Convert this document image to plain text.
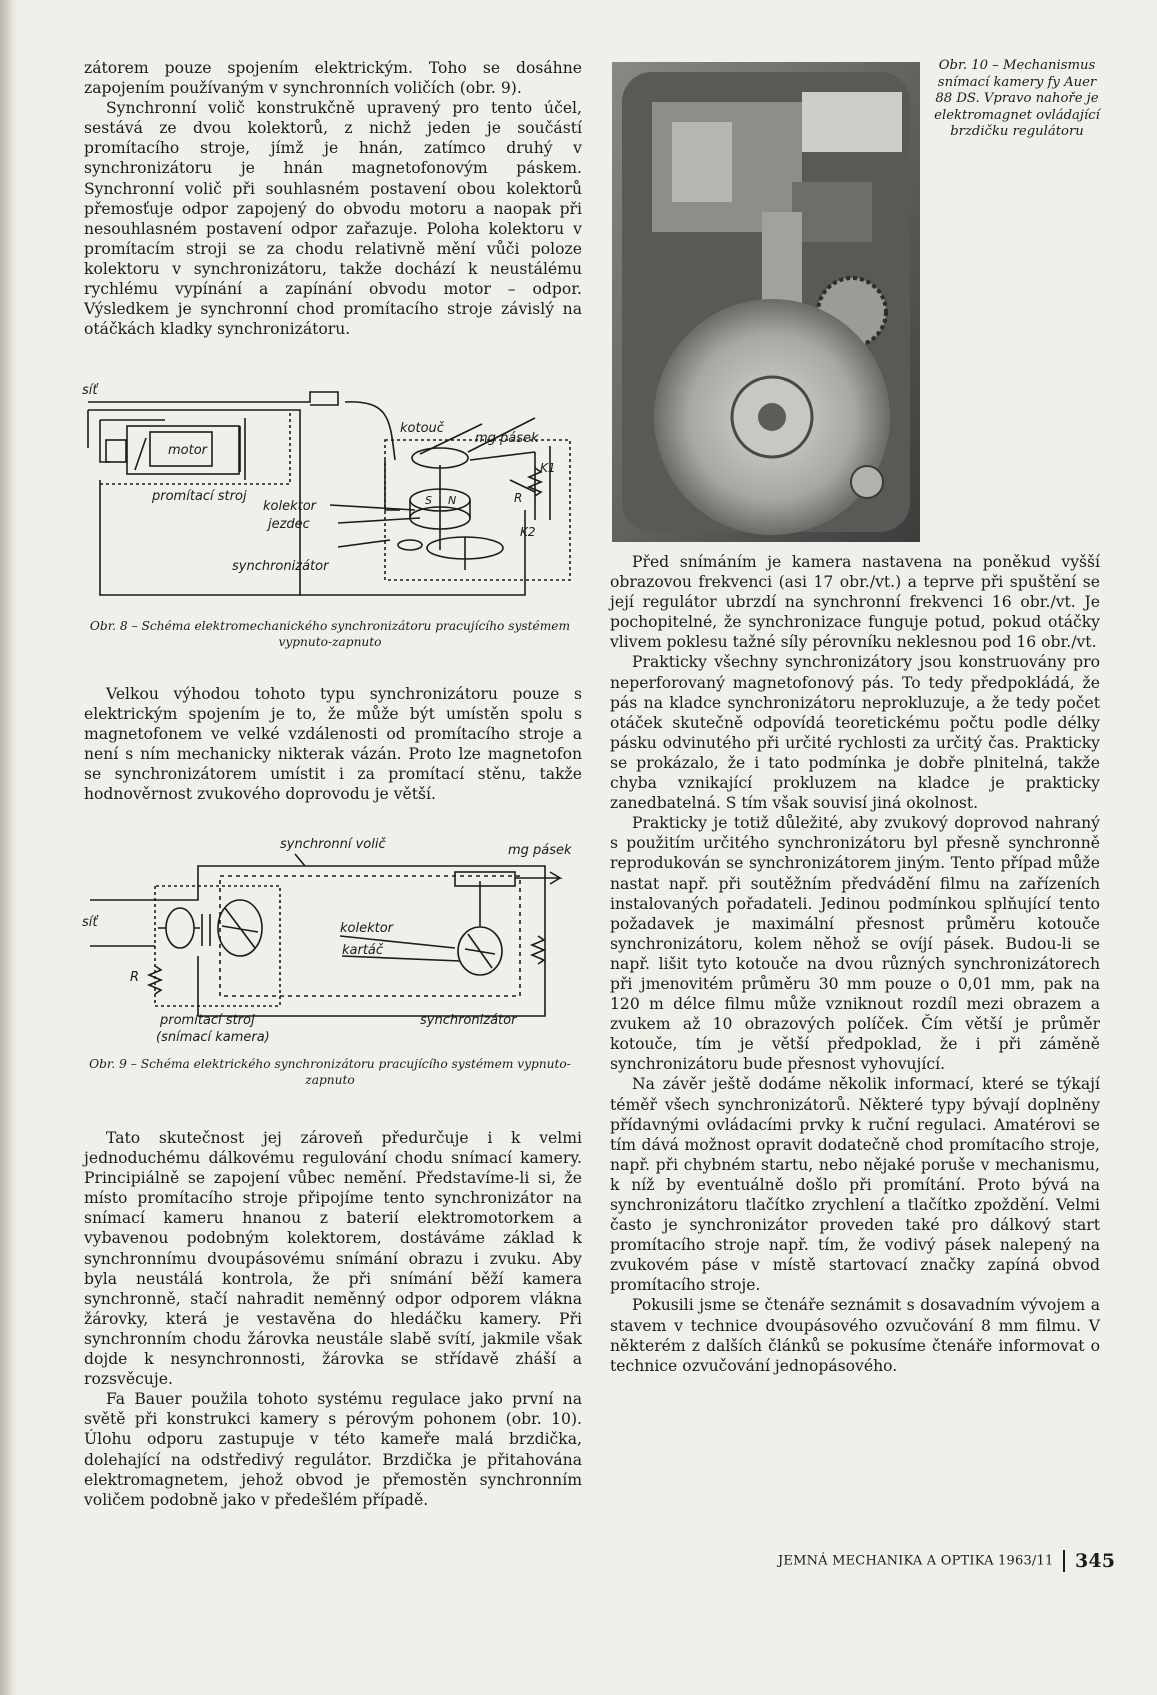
zátorem pouze spojením elektrickým. Toho se dosáhne zapojením používaným v synchronních voličích (obr. 9).

Synchronní volič konstrukčně upravený pro tento účel, sestává ze dvou kolektorů, z nichž jeden je součástí promítacího stroje, jímž je hnán, zatímco druhý v synchronizátoru je hnán magnetofonovým páskem. Synchronní volič při souhlasném postavení obou kolektorů přemosťuje odpor zapojený do obvodu motoru a naopak při nesouhlasném postavení odpor zařazuje. Poloha kolektoru v promítacím stroji se za chodu relativně mění vůči poloze kolektoru v synchronizátoru, takže dochází k neustálému rychlému vypínání a zapínání obvodu motor – odpor. Výsledkem je synchronní chod promítacího stroje závislý na otáčkách kladky synchronizátoru.

síť
motor
promítací stroj
kotouč
mg pásek
K1
R
S N
K2
kolektor
jezdec
synchronizátor

Obr. 8 – Schéma elektromechanického synchronizátoru pracujícího systémem vypnuto-zapnuto

Velkou výhodou tohoto typu synchronizátoru pouze s elektrickým spojením je to, že může být umístěn spolu s magnetofonem ve velké vzdálenosti od promítacího stroje a není s ním mechanicky nikterak vázán. Proto lze magnetofon se synchronizátorem umístit i za promítací stěnu, takže hodnověrnost zvukového doprovodu je větší.

synchronní volič	mg pásek
síť	kolektor
kartáč
R
promítací stroj
(snímací kamera)
synchronizátor

Obr. 9 – Schéma elektrického synchronizátoru pracujícího systémem vypnuto-zapnuto

Tato skutečnost jej zároveň předurčuje i k velmi jednoduchému dálkovému regulování chodu snímací kamery. Principiálně se zapojení vůbec nemění. Představíme-li si, že místo promítacího stroje připojíme tento synchronizátor na snímací kameru hnanou z baterií elektromotorkem a vybavenou podobným kolektorem, dostáváme základ k synchronnímu dvoupásovému snímání obrazu i zvuku. Aby byla neustálá kontrola, že při snímání běží kamera synchronně, stačí nahradit neměnný odpor odporem vlákna žárovky, která je vestavěna do hledáčku kamery. Při synchronním chodu žárovka neustále slabě svítí, jakmile však dojde k nesynchronnosti, žárovka se střídavě zháší a rozsvěcuje.

Fa Bauer použila tohoto systému regulace jako první na světě při konstrukci kamery s pérovým pohonem (obr. 10). Úlohu odporu zastupuje v této kameře malá brzdička, dolehající na odstředivý regulátor. Brzdička je přitahována elektromagnetem, jehož obvod je přemostěn synchronním voličem podobně jako v předešlém případě.

Obr. 10 – Mechanismus snímací kamery fy Auer 88 DS. Vpravo nahoře je elektromagnet ovládající brzdičku regulátoru

Před snímáním je kamera nastavena na poněkud vyšší obrazovou frekvenci (asi 17 obr./vt.) a teprve při spuštění se její regulátor ubrzdí na synchronní frekvenci 16 obr./vt. Je pochopitelné, že synchronizace funguje potud, pokud otáčky vlivem poklesu tažné síly pérovníku neklesnou pod 16 obr./vt.

Prakticky všechny synchronizátory jsou konstruovány pro neperforovaný magnetofonový pás. To tedy předpokládá, že pás na kladce synchronizátoru neprokluzuje, a že tedy počet otáček skutečně odpovídá teoretickému počtu podle délky pásku odvinutého při určité rychlosti za určitý čas. Prakticky se prokázalo, že i tato podmínka je dobře plnitelná, takže chyba vznikající prokluzem na kladce je prakticky zanedbatelná. S tím však souvisí jiná okolnost.

Prakticky je totiž důležité, aby zvukový doprovod nahraný s použitím určitého synchronizátoru byl přesně synchronně reprodukován se synchronizátorem jiným. Tento případ může nastat např. při soutěžním předvádění filmu na zařízeních instalovaných pořadateli. Jedinou podmínkou splňující tento požadavek je maximální přesnost průměru kotouče synchronizátoru, kolem něhož se ovíjí pásek. Budou-li se např. lišit tyto kotouče na dvou různých synchronizátorech při jmenovitém průměru 30 mm pouze o 0,01 mm, pak na 120 m délce filmu může vzniknout rozdíl mezi obrazem a zvukem až 10 obrazových políček. Čím větší je průměr kotouče, tím je větší předpoklad, že i při záměně synchronizátoru bude přesnost vyhovující.

Na závěr ještě dodáme několik informací, které se týkají téměř všech synchronizátorů. Některé typy bývají doplněny přídavnými ovládacími prvky k ruční regulaci. Amatérovi se tím dává možnost opravit dodatečně chod promítacího stroje, např. při chybném startu, nebo nějaké poruše v mechanismu, k níž by eventuálně došlo při promítání. Proto bývá na synchronizátoru tlačítko zrychlení a tlačítko zpoždění. Velmi často je synchronizátor proveden také pro dálkový start promítacího stroje např. tím, že vodivý pásek nalepený na zvukovém páse v místě startovací značky zapíná obvod promítacího stroje.

Pokusili jsme se čtenáře seznámit s dosavadním vývojem a stavem v technice dvoupásového ozvučování 8 mm filmu. V některém z dalších článků se pokusíme čtenáře informovat o technice ozvučování jednopásového.

JEMNÁ MECHANIKA A OPTIKA 1963/11 345
